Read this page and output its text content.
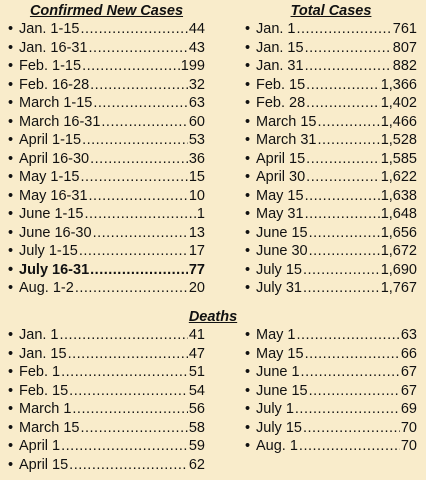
Confirmed New Cases
• Jan. 1-15 .....	44
• Jan. 16-31 .....	43
• Feb. 1-15 .....	199
• Feb. 16-28 .....	32
• March 1-15 .....	63
• March 16-31 .....	60
• April 1-15 .....	53
• April 16-30 .....	36
• May 1-15 .....	15
• May 16-31 .....	10
• June 1-15 .....	1
• June 16-30 .....	13
• July 1-15 .....	17
• July 16-31 .....	77
• Aug. 1-2 .....	20
Total Cases
• Jan. 1 .....	761
• Jan. 15 .....	807
• Jan. 31 .....	882
• Feb. 15 .....	1,366
• Feb. 28 .....	1,402
• March 15 .....	1,466
• March 31 .....	1,528
• April 15 .....	1,585
• April 30 .....	1,622
• May 15 .....	1,638
• May 31 .....	1,648
• June 15 .....	1,656
• June 30 .....	1,672
• July 15 .....	1,690
• July 31 .....	1,767
Deaths
• Jan. 1 .....	41
• Jan. 15 .....	47
• Feb. 1 .....	51
• Feb. 15 .....	54
• March 1 .....	56
• March 15 .....	58
• April 1 .....	59
• April 15 .....	62
• May 1 .....	63
• May 15 .....	66
• June 1 .....	67
• June 15 .....	67
• July 1 .....	69
• July 15 .....	70
• Aug. 1 .....	70
